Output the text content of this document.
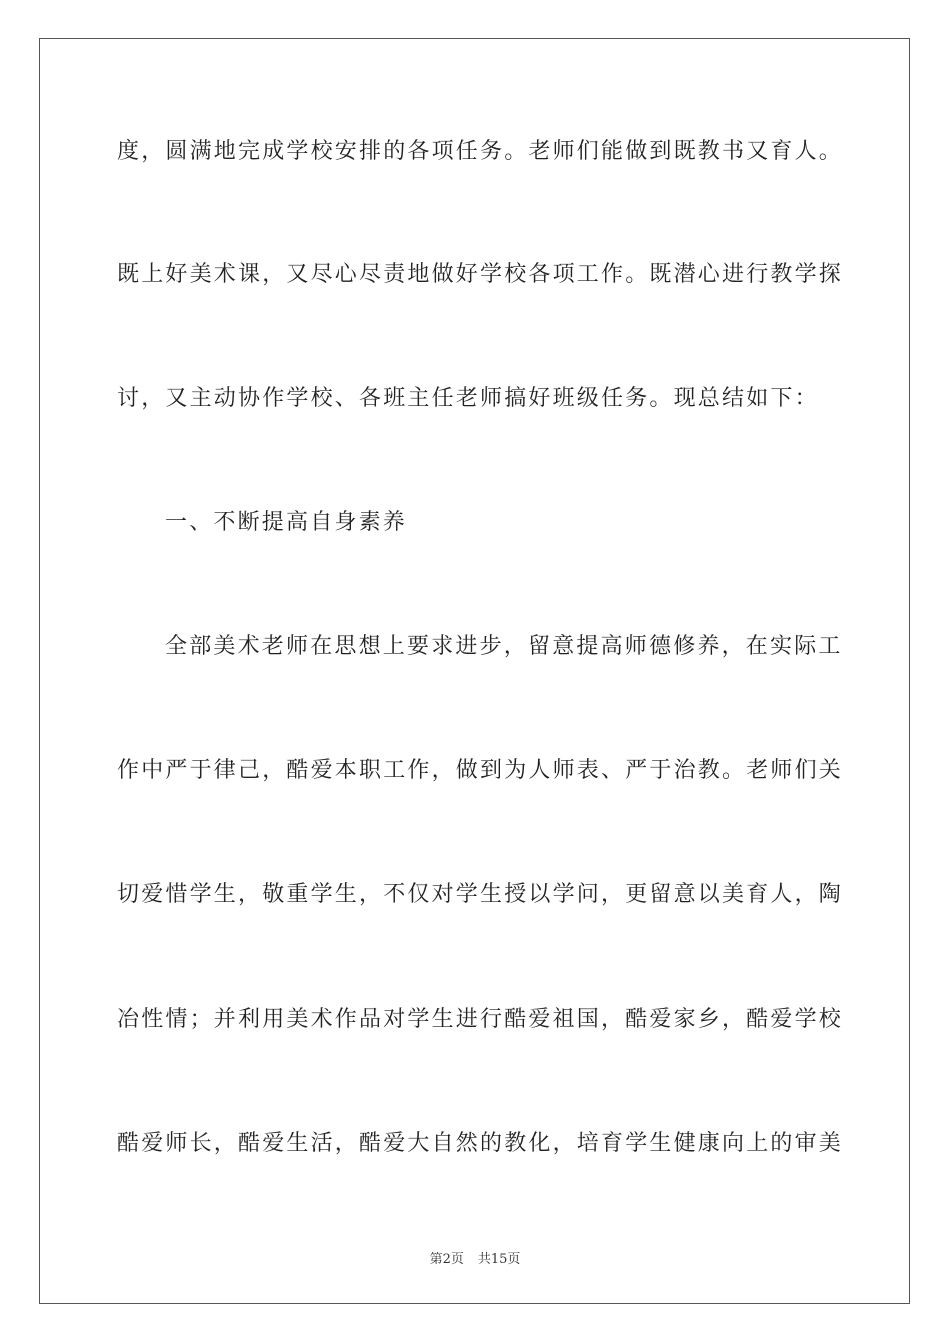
度，圆满地完成学校安排的各项任务。老师们能做到既教书又育人。
既上好美术课，又尽心尽责地做好学校各项工作。既潜心进行教学探
讨，又主动协作学校、各班主任老师搞好班级任务。现总结如下：
一、不断提高自身素养
全部美术老师在思想上要求进步，留意提高师德修养，在实际工
作中严于律己，酷爱本职工作，做到为人师表、严于治教。老师们关
切爱惜学生，敬重学生，不仅对学生授以学问，更留意以美育人，陶
冶性情；并利用美术作品对学生进行酷爱祖国，酷爱家乡，酷爱学校
酷爱师长，酷爱生活，酷爱大自然的教化，培育学生健康向上的审美
第2页 共15页
